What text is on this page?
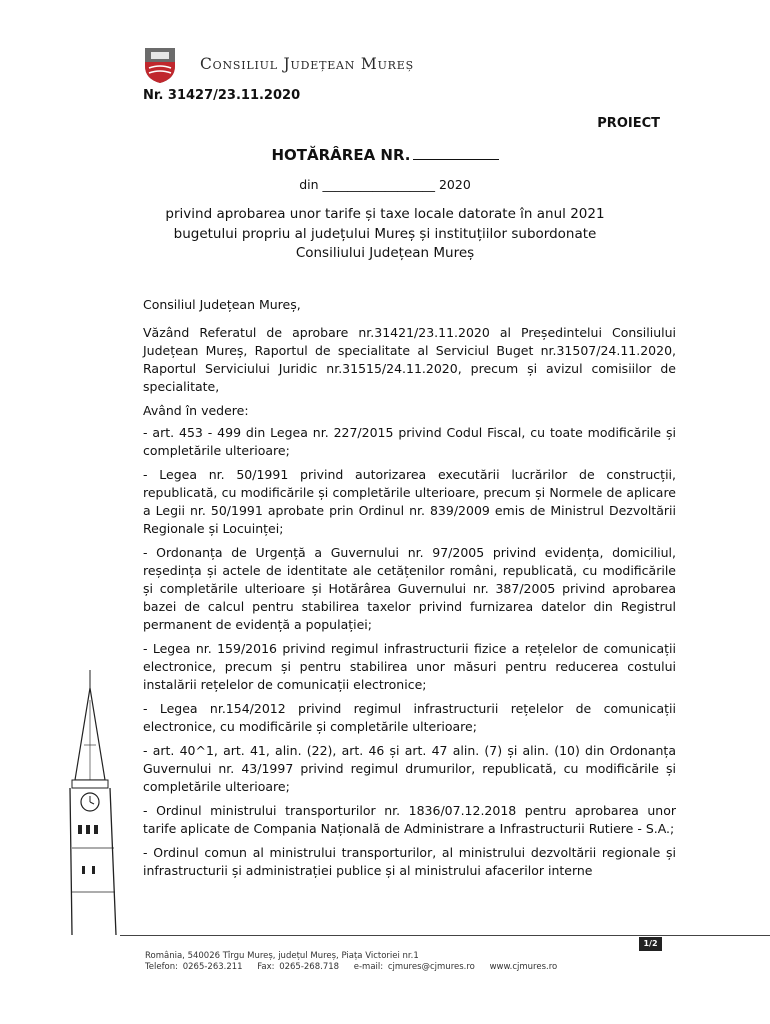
Consiliul Județean Mureș
Nr. 31427/23.11.2020
PROIECT
HOTĂRÂREA NR.
din __________________ 2020
privind aprobarea unor tarife și taxe locale datorate în anul 2021 bugetului propriu al județului Mureș și instituțiilor subordonate Consiliului Județean Mureș

Consiliul Județean Mureș,

Văzând Referatul de aprobare nr.31421/23.11.2020 al Președintelui Consiliului Județean Mureș, Raportul de specialitate al Serviciul Buget nr.31507/24.11.2020, Raportul Serviciului Juridic nr.31515/24.11.2020, precum și avizul comisiilor de specialitate,

Având în vedere:

- art. 453 - 499 din Legea nr. 227/2015 privind Codul Fiscal, cu toate modificările și completările ulterioare;

- Legea nr. 50/1991 privind autorizarea executării lucrărilor de construcții, republicată, cu modificările și completările ulterioare, precum și Normele de aplicare a Legii nr. 50/1991 aprobate prin Ordinul nr. 839/2009 emis de Ministrul Dezvoltării Regionale și Locuinței;

- Ordonanța de Urgență a Guvernului nr. 97/2005 privind evidența, domiciliul, reședința și actele de identitate ale cetățenilor români, republicată, cu modificările și completările ulterioare și Hotărârea Guvernului nr. 387/2005 privind aprobarea bazei de calcul pentru stabilirea taxelor privind furnizarea datelor din Registrul permanent de evidență a populației;

- Legea nr. 159/2016 privind regimul infrastructurii fizice a rețelelor de comunicații electronice, precum și pentru stabilirea unor măsuri pentru reducerea costului instalării rețelelor de comunicații electronice;

- Legea nr.154/2012 privind regimul infrastructurii rețelelor de comunicații electronice, cu modificările și completările ulterioare;

- art. 40^1, art. 41, alin. (22), art. 46 și art. 47 alin. (7) și alin. (10) din Ordonanța Guvernului nr. 43/1997 privind regimul drumurilor, republicată, cu modificările și completările ulterioare;

- Ordinul ministrului transporturilor nr. 1836/07.12.2018 pentru aprobarea unor tarife aplicate de Compania Națională de Administrare a Infrastructurii Rutiere - S.A.;

- Ordinul comun al ministrului transporturilor, al ministrului dezvoltării regionale și infrastructurii și administrației publice și al ministrului afacerilor interne

1/2
România, 540026 Tîrgu Mureș, județul Mureș, Piața Victoriei nr.1
Telefon: 0265-263.211 Fax: 0265-268.718 e-mail: cjmures@cjmures.ro www.cjmures.ro
